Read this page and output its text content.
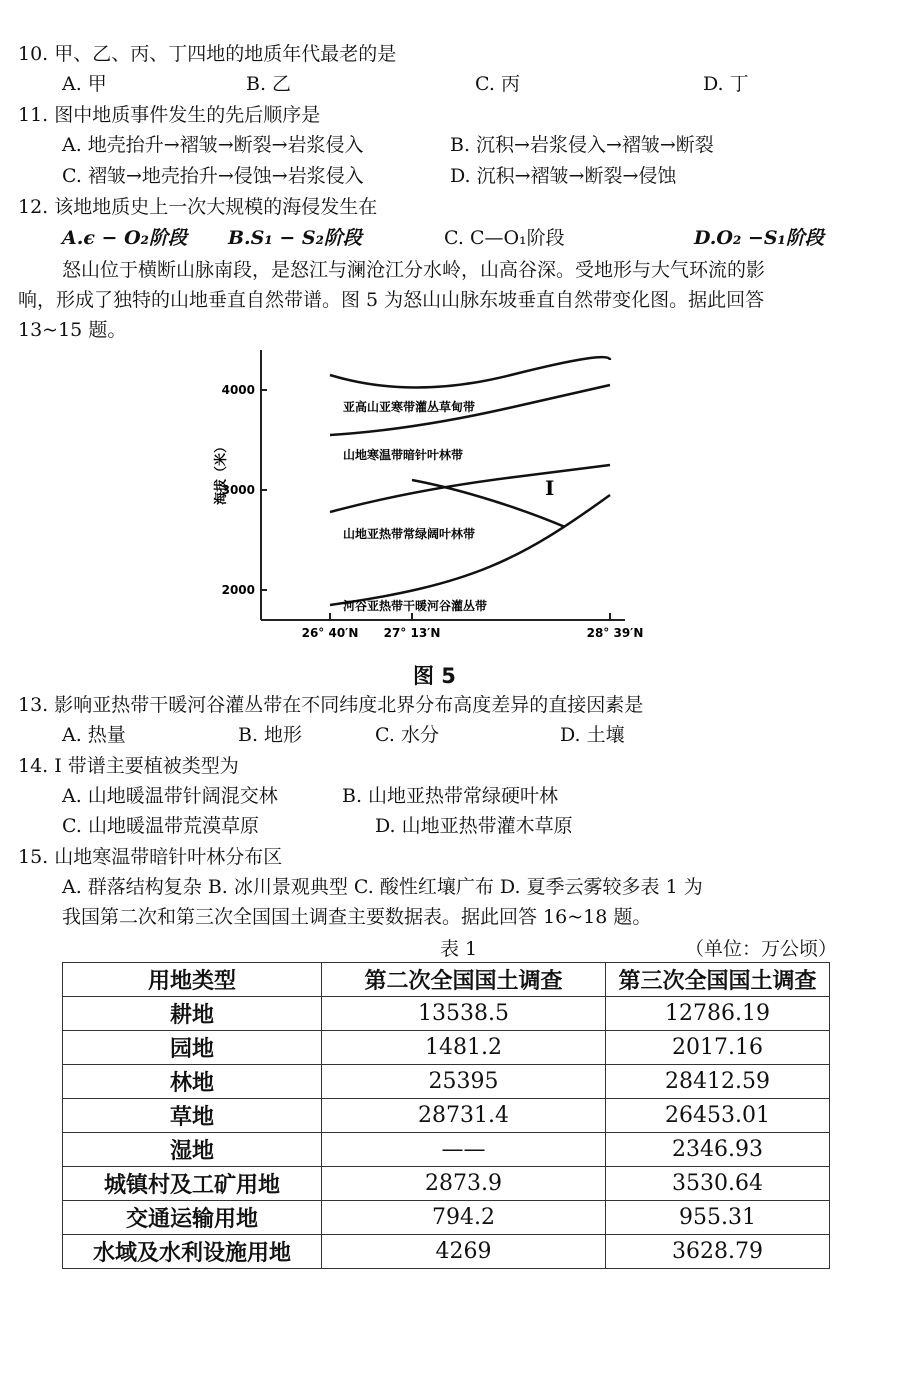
10. 甲、乙、丙、丁四地的地质年代最老的是
A. 甲	B. 乙	C. 丙	D. 丁
11. 图中地质事件发生的先后顺序是
A. 地壳抬升→褶皱→断裂→岩浆侵入	B. 沉积→岩浆侵入→褶皱→断裂
C. 褶皱→地壳抬升→侵蚀→岩浆侵入	D. 沉积→褶皱→断裂→侵蚀
12. 该地地质史上一次大规模的海侵发生在
A.ϵ − O₂阶段 B.S₁ − S₂阶段	C. C—O₁阶段	D.O₂ −S₁阶段
怒山位于横断山脉南段，是怒江与澜沧江分水岭，山高谷深。受地形与大气环流的影
响，形成了独特的山地垂直自然带谱。图 5 为怒山山脉东坡垂直自然带变化图。据此回答
13~15 题。
4000
3000
2000
26° 40′N 27° 13′N	28° 39′N
海拔（米）
亚高山亚寒带灌丛草甸带
山地寒温带暗针叶林带
山地亚热带常绿阔叶林带
河谷亚热带干暖河谷灌丛带
I
图 5
13. 影响亚热带干暖河谷灌丛带在不同纬度北界分布高度差异的直接因素是
A. 热量	B. 地形	C. 水分	D. 土壤
14. I 带谱主要植被类型为
A. 山地暖温带针阔混交林	B. 山地亚热带常绿硬叶林
C. 山地暖温带荒漠草原	D. 山地亚热带灌木草原
15. 山地寒温带暗针叶林分布区
A. 群落结构复杂 B. 冰川景观典型 C. 酸性红壤广布 D. 夏季云雾较多表 1 为
我国第二次和第三次全国国土调查主要数据表。据此回答 16~18 题。
表 1	（单位：万公顷）
用地类型	第二次全国国土调查	第三次全国国土调查
耕地	13538.5	12786.19
园地	1481.2	2017.16
林地	25395	28412.59
草地	28731.4	26453.01
湿地	——	2346.93
城镇村及工矿用地	2873.9	3530.64
交通运输用地	794.2	955.31
水域及水利设施用地	4269	3628.79
